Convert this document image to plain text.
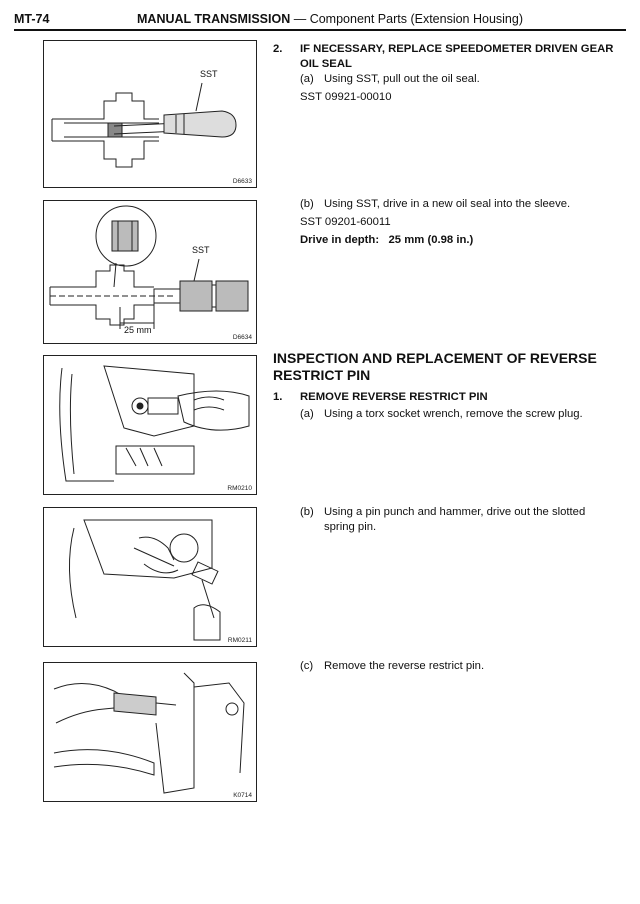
MT-74	MANUAL TRANSMISSION — Component Parts (Extension Housing)
SST
D6633
SST
25 mm
D6634
RM0210
RM0211
K0714
2. IF NECESSARY, REPLACE SPEEDOMETER DRIVEN GEAR
OIL SEAL
(a) Using SST, pull out the oil seal.
SST 09921-00010
(b) Using SST, drive in a new oil seal into the sleeve.
SST 09201-60011
Drive in depth: 25 mm (0.98 in.)
INSPECTION AND REPLACEMENT OF REVERSE
RESTRICT PIN
1. REMOVE REVERSE RESTRICT PIN
(a) Using a torx socket wrench, remove the screw plug.
(b) Using a pin punch and hammer, drive out the slotted
spring pin.
(c) Remove the reverse restrict pin.
